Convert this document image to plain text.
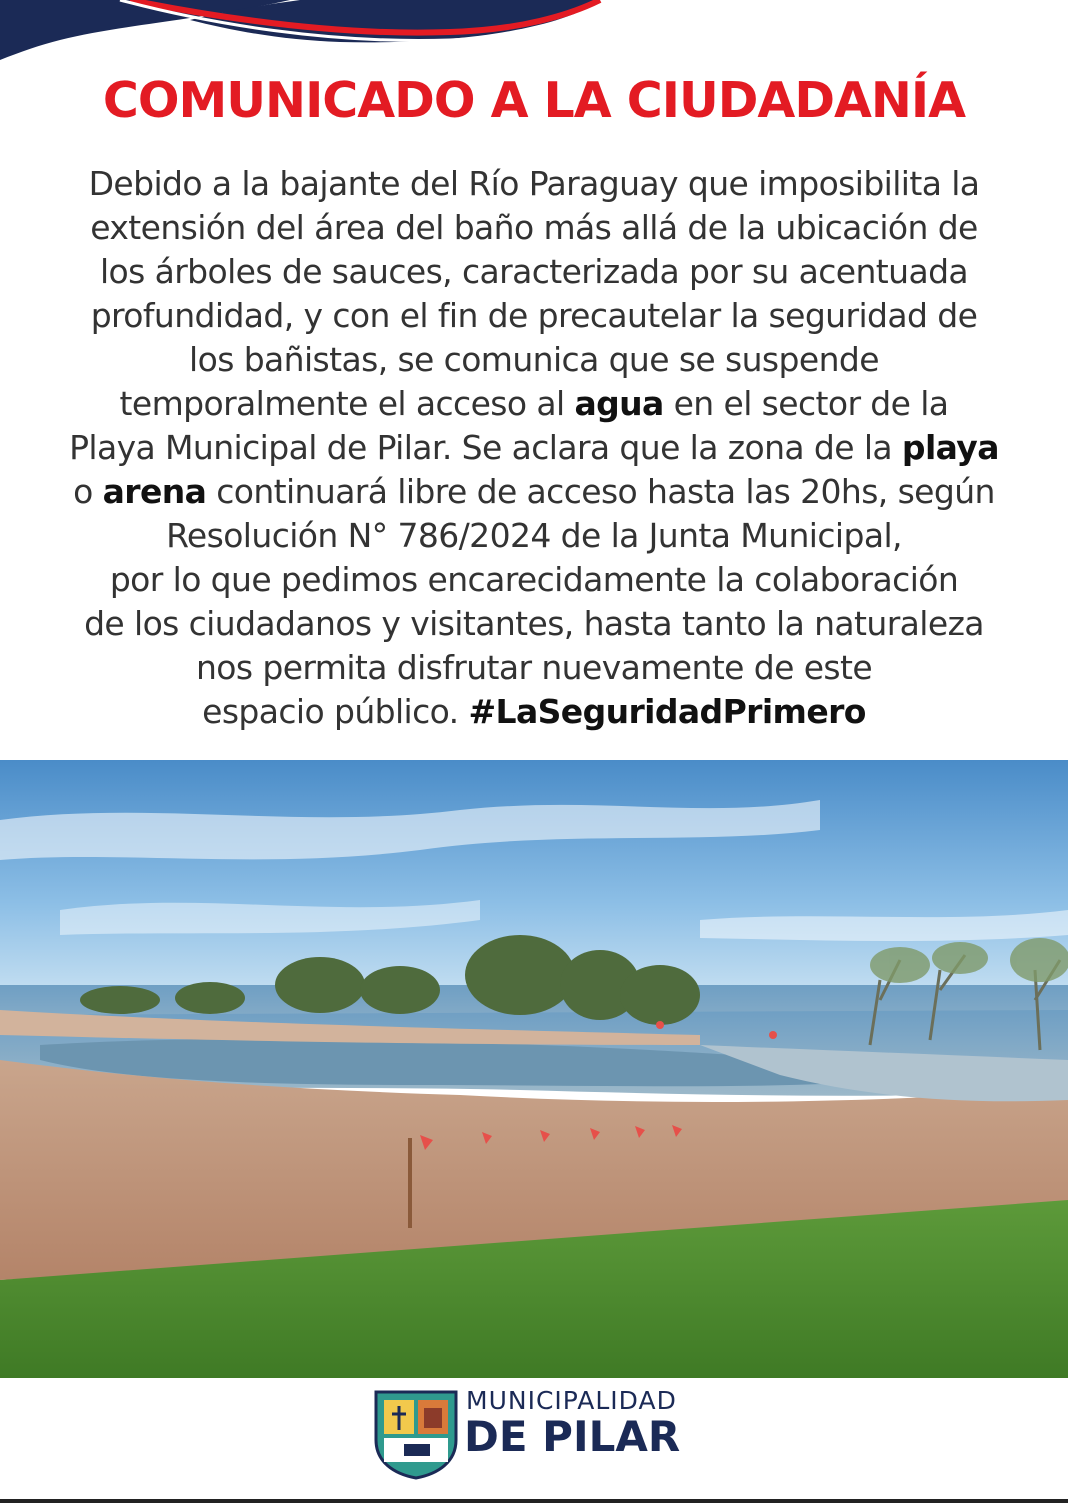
COMUNICADO A LA CIUDADANÍA
Debido a la bajante del Río Paraguay que imposibilita la
extensión del área del baño más allá de la ubicación de
los árboles de sauces, caracterizada por su acentuada
profundidad, y con el fin de precautelar la seguridad de
los bañistas, se comunica que se suspende
temporalmente el acceso al agua en el sector de la
Playa Municipal de Pilar. Se aclara que la zona de la playa
o arena continuará libre de acceso hasta las 20hs, según
Resolución N° 786/2024 de la Junta Municipal,
por lo que pedimos encarecidamente la colaboración
de los ciudadanos y visitantes, hasta tanto la naturaleza
nos permita disfrutar nuevamente de este
espacio público. #LaSeguridadPrimero
MUNICIPALIDAD
DE PILAR
